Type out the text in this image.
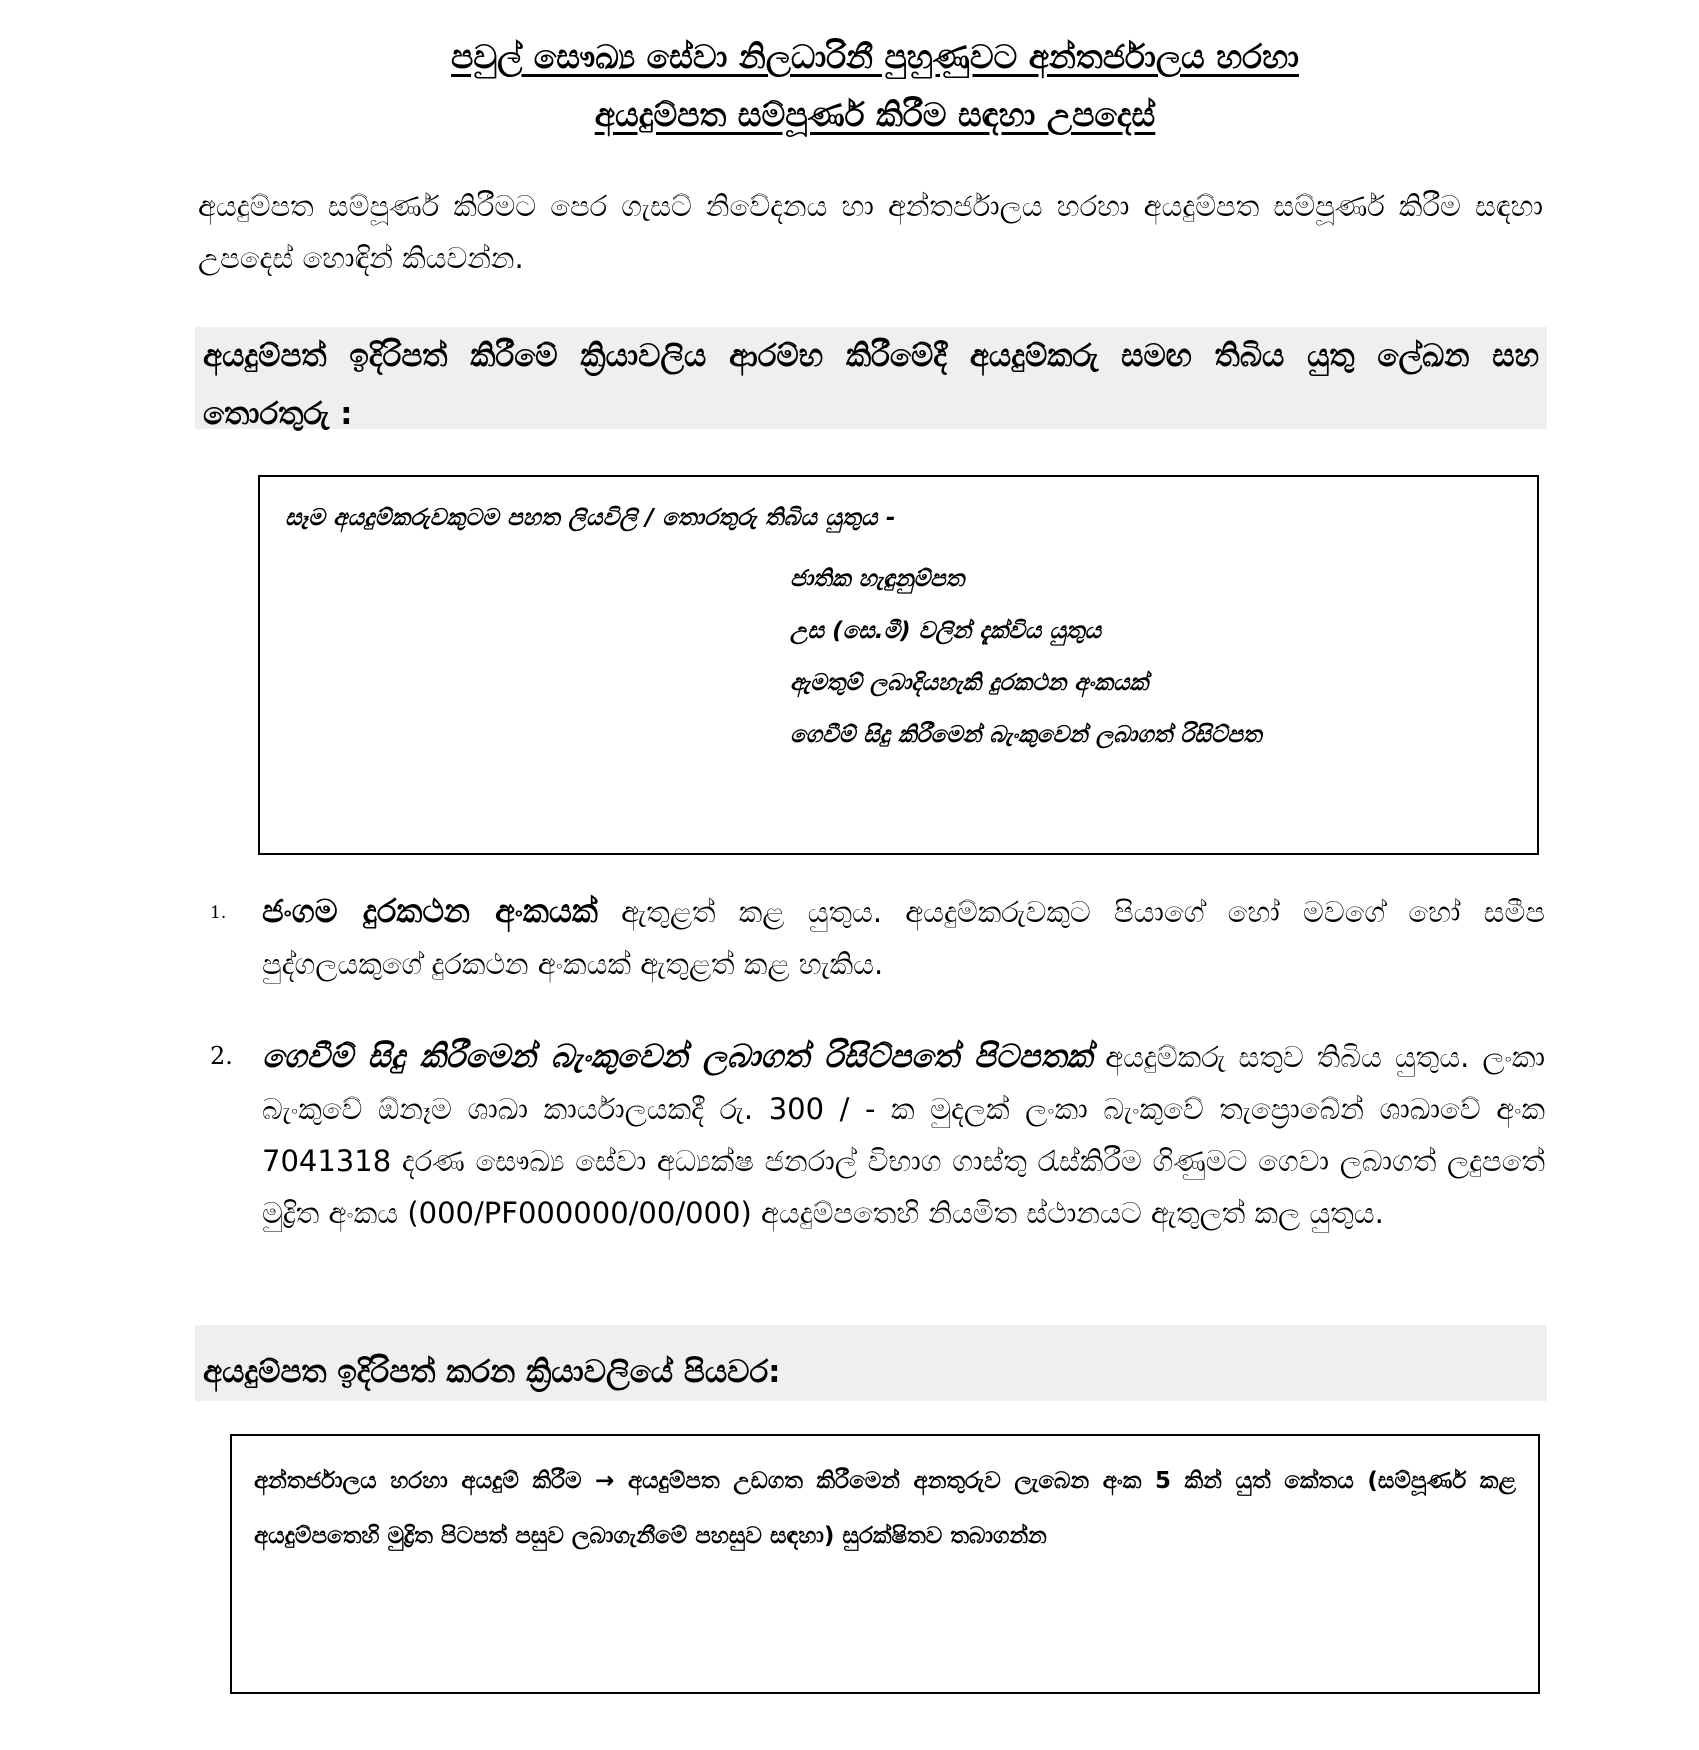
පවුල් සෞඛ්‍ය සේවා නිලධාරිනී පුහුණුවට අන්තර්ජාලය හරහා
අයදුම්පත සම්පූර්ණ කිරීම සඳහා උපදෙස්
අයදුම්පත සම්පූර්ණ කිරීමට පෙර ගැසට් නිවේදනය හා අන්තර්ජාලය හරහා අයදුම්පත සම්පූර්ණ කිරීම සඳහා උපදෙස් හොඳින් කියවන්න.
අයදුම්පත් ඉදිරිපත් කිරීමේ ක්‍රියාවලිය ආරම්භ කිරීමේදී අයදුම්කරු සමඟ තිබිය යුතු ලේඛන සහ තොරතුරු :
සෑම අයදුම්කරුවකුටම පහත ලියවිලි / තොරතුරු තිබිය යුතුය -
ජාතික හැඳුනුම්පත
උස (සෙ.මී) වලින් දැක්විය යුතුය
ඇමතුම් ලබාදියහැකි දුරකථන අංකයක්
ගෙවීම් සිදු කිරීමෙන් බැංකුවෙන් ලබාගත් රිසිට්පත
1. ජංගම දුරකථන අංකයක් ඇතුළත් කළ යුතුය. අයදුම්කරුවකුට පියාගේ හෝ මවගේ හෝ සමීප පුද්ගලයකුගේ දුරකථන අංකයක් ඇතුළත් කළ හැකිය.
2. ගෙවීම් සිදු කිරීමෙන් බැංකුවෙන් ලබාගත් රිසිට්පතේ පිටපතක් අයදුම්කරු සතුව තිබිය යුතුය. ලංකා බැංකුවේ ඕනෑම ශාඛා කාර්යාලයකදී රු. 300 / - ක මුදලක් ලංකා බැංකුවේ තැප්‍රොබේන් ශාඛාවේ අංක 7041318 දරණ සෞඛ්‍ය සේවා අධ්‍යක්ෂ ජනරාල් විභාග ගාස්තු රැස්කිරීම ගිණුමට ගෙවා ලබාගත් ලදුපතේ මුද්‍රිත අංකය (000/PF000000/00/000) අයදුම්පතෙහි නියමිත ස්ථානයට ඇතුලත් කල යුතුය.
අයදුම්පත ඉදිරිපත් කරන ක්‍රියාවලියේ පියවර:
අන්තර්ජාලය හරහා අයදුම් කිරීම → අයදුම්පත උඩගත කිරීමෙන් අනතුරුව ලැබෙන අංක 5 කින් යුත් කේතය (සම්පූර්ණ කළ අයදුම්පතෙහි මුද්‍රිත පිටපත් පසුව ලබාගැනීමේ පහසුව සඳහා) සුරක්ෂිතව තබාගන්න
